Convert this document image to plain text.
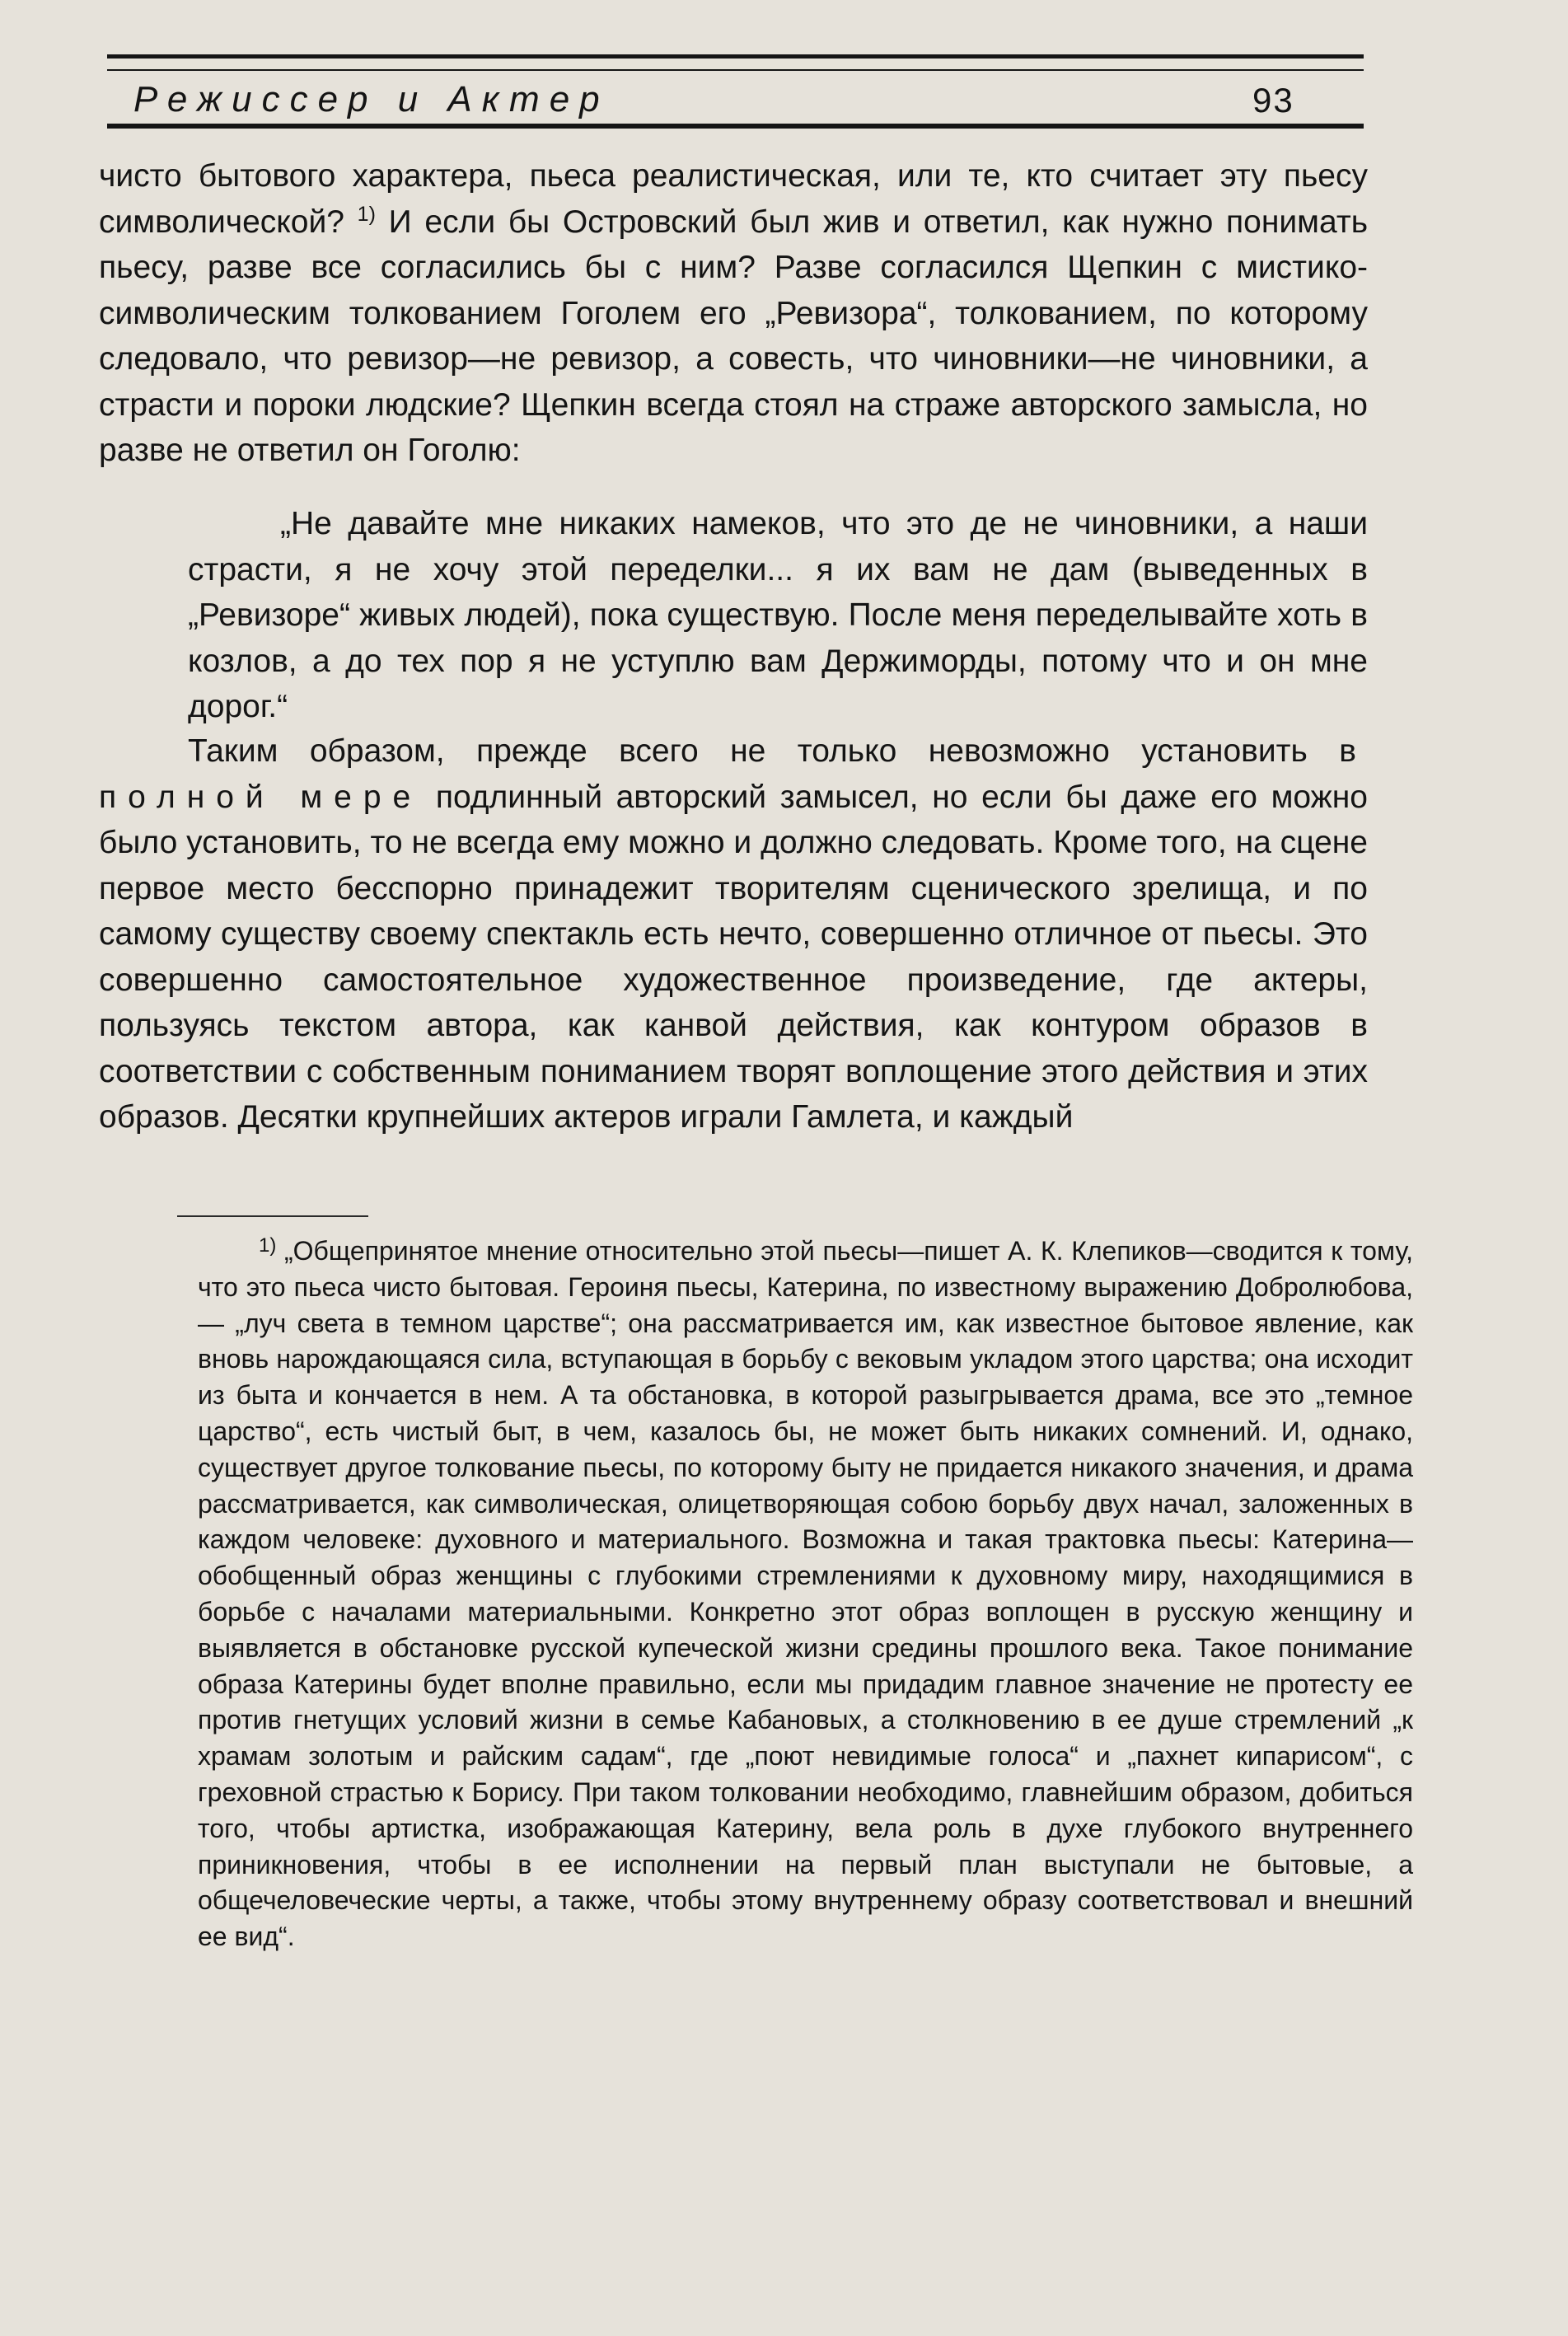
Режиссер и Актер	93

чисто бытового характера, пьеса реалистическая, или те, кто считает эту пьесу символической? $^{1)}$ И если бы Островский был жив и ответил, как нужно понимать пьесу, разве все согласились бы с ним? Разве согласился Щепкин с мистико-символическим толкованием Гоголем его „Ревизора“, толкованием, по которому следовало, что ревизор—не ревизор, а совесть, что чиновники—не чиновники, а страсти и пороки людские? Щепкин всегда стоял на страже авторского замысла, но разве не ответил он Гоголю:

„Не давайте мне никаких намеков, что это де не чиновники, а наши страсти, я не хочу этой переделки... я их вам не дам (выведенных в „Ревизоре“ живых людей), пока существую. После меня переделывайте хоть в козлов, а до тех пор я не уступлю вам Держиморды, потому что и он мне дорог.“

Таким образом, прежде всего не только невозможно установить в полной мере подлинный авторский замысел, но если бы даже его можно было установить, то не всегда ему можно и должно следовать. Кроме того, на сцене первое место бесспорно принадежит творителям сценического зрелища, и по самому существу своему спектакль есть нечто, совершенно отличное от пьесы. Это совершенно самостоятельное художественное произведение, где актеры, пользуясь текстом автора, как канвой действия, как контуром образов в соответствии с собственным пониманием творят воплощение этого действия и этих образов. Десятки крупнейших актеров играли Гамлета, и каждый

$^{1)}$ „Общепринятое мнение относительно этой пьесы—пишет А. К. Клепиков—сводится к тому, что это пьеса чисто бытовая. Героиня пьесы, Катерина, по известному выражению Добролюбова, — „луч света в темном царстве“; она рассматривается им, как известное бытовое явление, как вновь нарождающаяся сила, вступающая в борьбу с вековым укладом этого царства; она исходит из быта и кончается в нем. А та обстановка, в которой разыгрывается драма, все это „темное царство“, есть чистый быт, в чем, казалось бы, не может быть никаких сомнений. И, однако, существует другое толкование пьесы, по которому быту не придается никакого значения, и драма рассматривается, как символическая, олицетворяющая собою борьбу двух начал, заложенных в каждом человеке: духовного и материального. Возможна и такая трактовка пьесы: Катерина—обобщенный образ женщины с глубокими стремлениями к духовному миру, находящимися в борьбе с началами материальными. Конкретно этот образ воплощен в русскую женщину и выявляется в обстановке русской купеческой жизни средины прошлого века. Такое понимание образа Катерины будет вполне правильно, если мы придадим главное значение не протесту ее против гнетущих условий жизни в семье Кабановых, а столкновению в ее душе стремлений „к храмам золотым и райским садам“, где „поют невидимые голоса“ и „пахнет кипарисом“, с греховной страстью к Борису. При таком толковании необходимо, главнейшим образом, добиться того, чтобы артистка, изображающая Катерину, вела роль в духе глубокого внутреннего приникновения, чтобы в ее исполнении на первый план выступали не бытовые, а общечеловеческие черты, а также, чтобы этому внутреннему образу соответствовал и внешний ее вид“.
